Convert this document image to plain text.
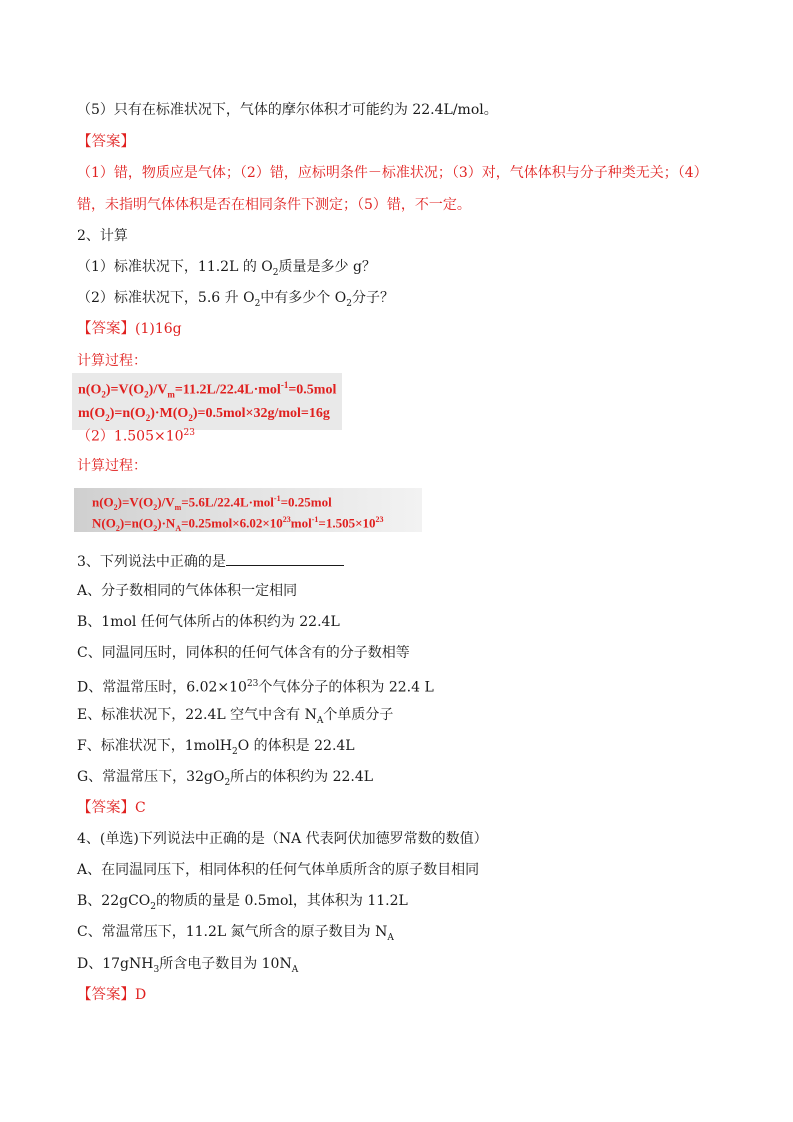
（5）只有在标准状况下，气体的摩尔体积才可能约为 22.4L/mol。
【答案】
（1）错，物质应是气体；（2）错，应标明条件－标准状况；（3）对，气体体积与分子种类无关；（4）
错，未指明气体体积是否在相同条件下测定；（5）错，不一定。
2、计算
（1）标准状况下，11.2L 的 $O_2$质量是多少 g？
（2）标准状况下，5.6 升 $O_2$中有多少个 $O_2$分子？
【答案】(1)16g
计算过程：
$n(O_2)=V(O_2)/V_m=11.2L/22.4L\cdot mol^{-1}=0.5mol$
$m(O_2)=n(O_2)\cdot M(O_2)=0.5mol\times 32g/mol=16g$
$(2)1.505\times 10^{23}$
计算过程：
$n(O_2)=V(O_2)/V_m=5.6L/22.4L\cdot mol^{-1}=0.25mol$
$N(O_2)=n(O_2)\cdot N_A=0.25mol\times 6.02\times 10^{23}mol^{-1}=1.505\times 10^{23}$
3、下列说法中正确的是
A、分子数相同的气体体积一定相同
B、1mol 任何气体所占的体积约为 22.4L
C、同温同压时，同体积的任何气体含有的分子数相等
D、常温常压时，$6.02\times 10^{23}$个气体分子的体积为 22.4 L
E、标准状况下，22.4L 空气中含有 $N_A$个单质分子
F、标准状况下，1molH$_2$O 的体积是 22.4L
G、常温常压下，$32gO_2$所占的体积约为 22.4L
【答案】C
4、(单选)下列说法中正确的是（NA 代表阿伏加德罗常数的数值）
A、在同温同压下，相同体积的任何气体单质所含的原子数目相同
B、22gCO$_2$的物质的量是 0.5mol，其体积为 11.2L
C、常温常压下，11.2L 氮气所含的原子数目为 $N_A$
D、17gNH$_3$所含电子数目为 $10N_A$
【答案】D
